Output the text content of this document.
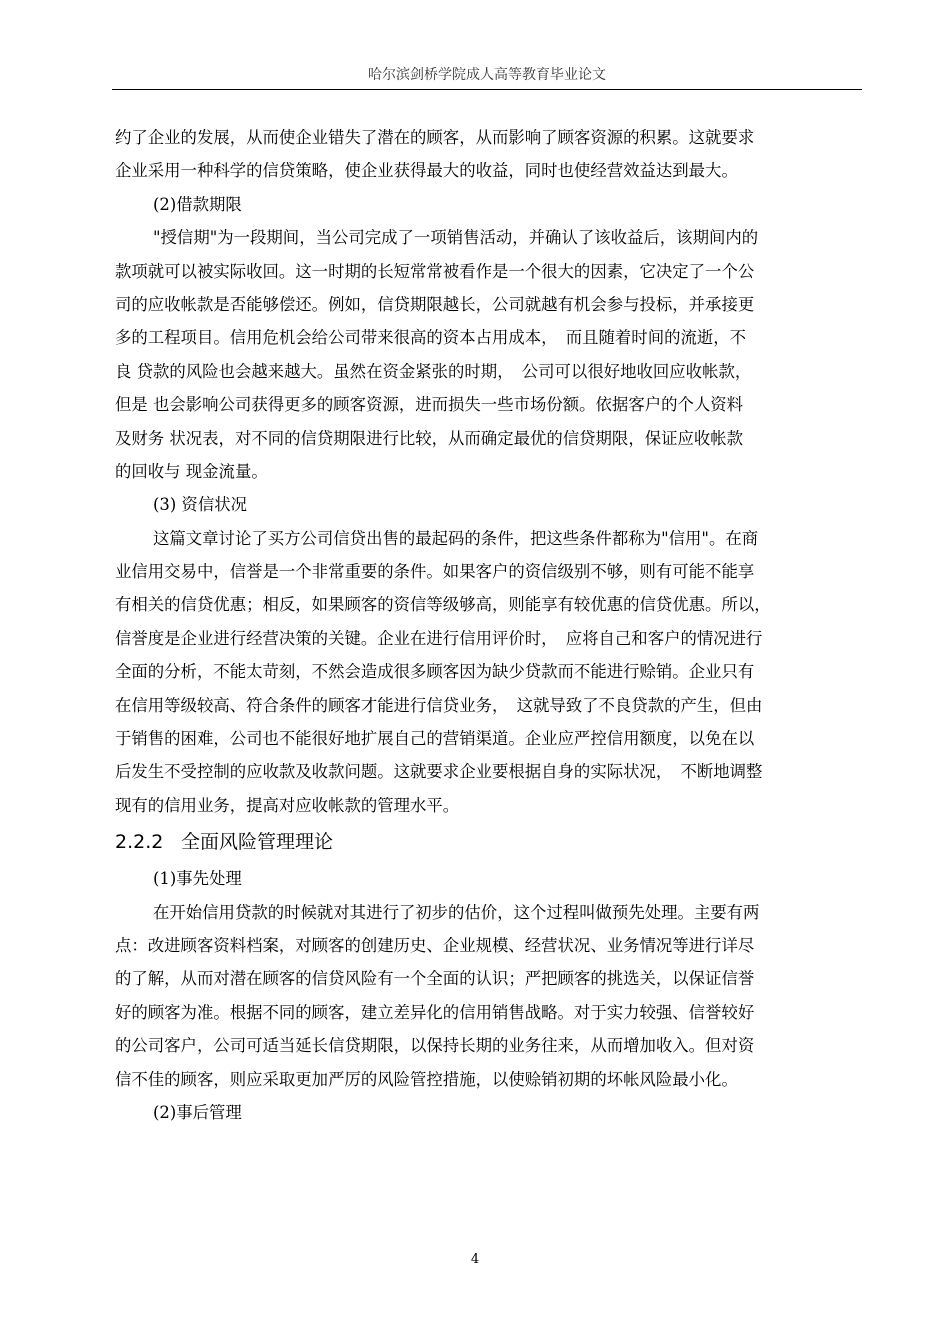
哈尔滨剑桥学院成人高等教育毕业论文
约了企业的发展，从而使企业错失了潜在的顾客，从而影响了顾客资源的积累。这就要求
企业采用一种科学的信贷策略，使企业获得最大的收益，同时也使经营效益达到最大。
(2)借款期限
"授信期"为一段期间，当公司完成了一项销售活动，并确认了该收益后，该期间内的
款项就可以被实际收回。这一时期的长短常常被看作是一个很大的因素，它决定了一个公
司的应收帐款是否能够偿还。例如，信贷期限越长，公司就越有机会参与投标，并承接更
多的工程项目。信用危机会给公司带来很高的资本占用成本，　而且随着时间的流逝，不
良 贷款的风险也会越来越大。虽然在资金紧张的时期，　公司可以很好地收回应收帐款，
但是 也会影响公司获得更多的顾客资源，进而损失一些市场份额。依据客户的个人资料
及财务 状况表，对不同的信贷期限进行比较，从而确定最优的信贷期限，保证应收帐款
的回收与 现金流量。
(3) 资信状况
这篇文章讨论了买方公司信贷出售的最起码的条件，把这些条件都称为"信用"。在商
业信用交易中，信誉是一个非常重要的条件。如果客户的资信级别不够，则有可能不能享
有相关的信贷优惠；相反，如果顾客的资信等级够高，则能享有较优惠的信贷优惠。所以，
信誉度是企业进行经营决策的关键。企业在进行信用评价时，　应将自己和客户的情况进行
全面的分析，不能太苛刻，不然会造成很多顾客因为缺少贷款而不能进行赊销。企业只有
在信用等级较高、符合条件的顾客才能进行信贷业务，　这就导致了不良贷款的产生，但由
于销售的困难，公司也不能很好地扩展自己的营销渠道。企业应严控信用额度，以免在以
后发生不受控制的应收款及收款问题。这就要求企业要根据自身的实际状况，　不断地调整
现有的信用业务，提高对应收帐款的管理水平。
2.2.2 全面风险管理理论
(1)事先处理
在开始信用贷款的时候就对其进行了初步的估价，这个过程叫做预先处理。主要有两
点：改进顾客资料档案，对顾客的创建历史、企业规模、经营状况、业务情况等进行详尽
的了解，从而对潜在顾客的信贷风险有一个全面的认识；严把顾客的挑选关，以保证信誉
好的顾客为准。根据不同的顾客，建立差异化的信用销售战略。对于实力较强、信誉较好
的公司客户，公司可适当延长信贷期限，以保持长期的业务往来，从而增加收入。但对资
信不佳的顾客，则应采取更加严厉的风险管控措施，以使赊销初期的坏帐风险最小化。
(2)事后管理
4
